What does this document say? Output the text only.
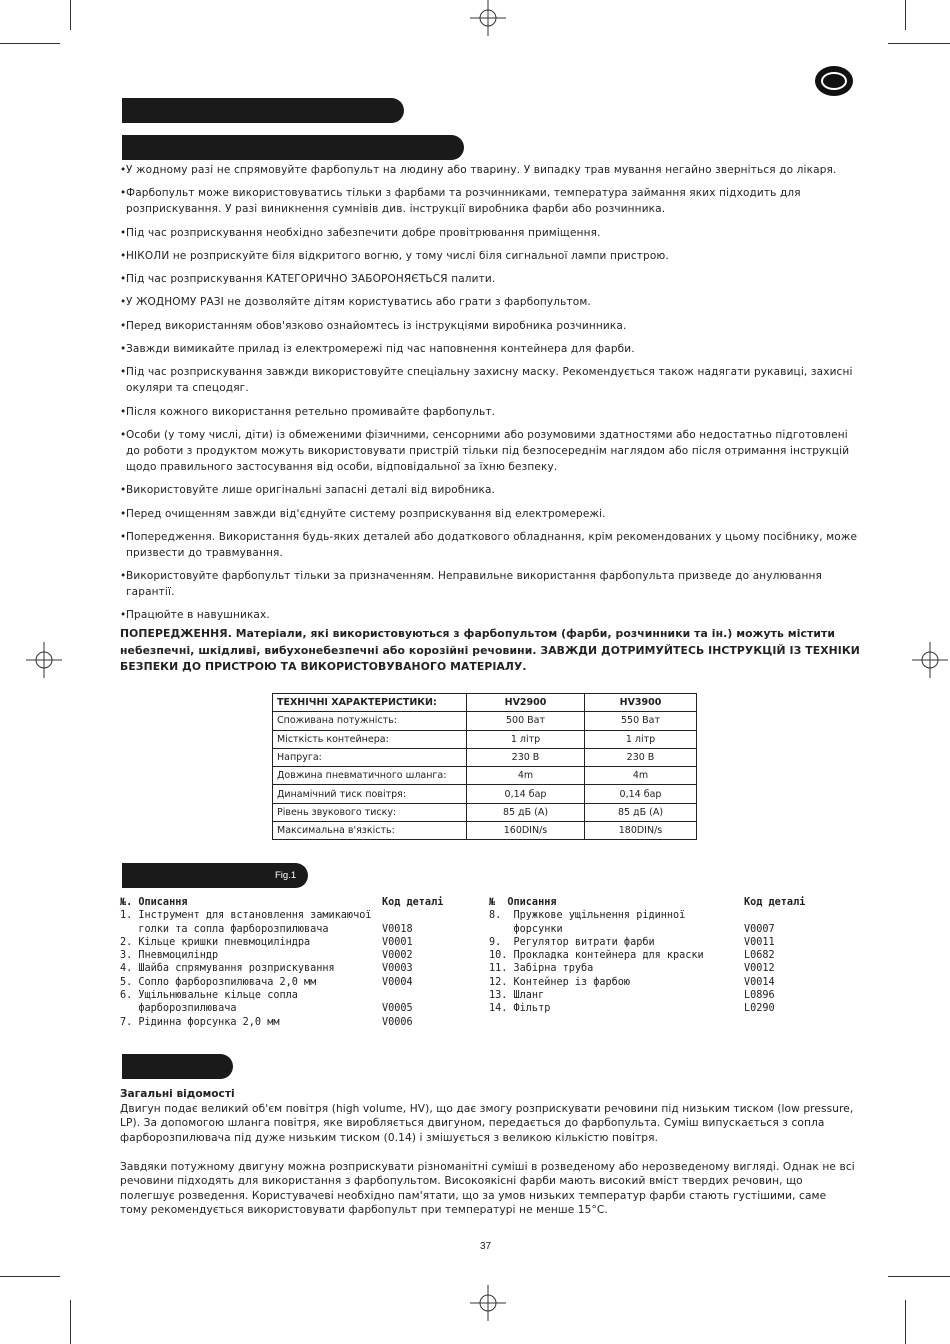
•У жодному разі не спрямовуйте фарбопульт на людину або тварину. У випадку трав мування негайно зверніться до лікаря.
•Фарбопульт може використовуватись тільки з фарбами та розчинниками, температура займання яких підходить для розприскування. У разі виникнення сумнівів див. інструкції виробника фарби або розчинника.
•Під час розприскування необхідно забезпечити добре провітрювання приміщення.
•НІКОЛИ не розприскуйте біля відкритого вогню, у тому числі біля сигнальної лампи пристрою.
•Під час розприскування КАТЕГОРИЧНО ЗАБОРОНЯЄТЬСЯ палити.
•У ЖОДНОМУ РАЗІ не дозволяйте дітям користуватись або грати з фарбопультом.
•Перед використанням обов'язково ознайомтесь із інструкціями виробника розчинника.
•Завжди вимикайте прилад із електромережі під час наповнення контейнера для фарби.
•Під час розприскування завжди використовуйте спеціальну захисну маску. Рекомендується також надягати рукавиці, захисні окуляри та спецодяг.
•Після кожного використання ретельно промивайте фарбопульт.
•Особи (у тому числі, діти) із обмеженими фізичними, сенсорними або розумовими здатностями або недостатньо підготовлені до роботи з продуктом можуть використовувати пристрій тільки під безпосереднім наглядом або після отримання інструкцій щодо правильного застосування від особи, відповідальної за їхню безпеку.
•Використовуйте лише оригінальні запасні деталі від виробника.
•Перед очищенням завжди від'єднуйте систему розприскування від електромережі.
•Попередження. Використання будь-яких деталей або додаткового обладнання, крім рекомендованих у цьому посібнику, може призвести до травмування.
•Використовуйте фарбопульт тільки за призначенням. Неправильне використання фарбопульта призведе до анулювання гарантії.
•Працюйте в навушниках.
ПОПЕРЕДЖЕННЯ. Матеріали, які використовуються з фарбопультом (фарби, розчинники та ін.) можуть містити небезпечні, шкідливі, вибухонебезпечні або корозійні речовини. ЗАВЖДИ ДОТРИМУЙТЕСЬ ІНСТРУКЦІЙ ІЗ ТЕХНІКИ БЕЗПЕКИ ДО ПРИСТРОЮ ТА ВИКОРИСТОВУВАНОГО МАТЕРІАЛУ.
ТЕХНІЧНІ ХАРАКТЕРИСТИКИ:	HV2900	HV3900
Споживана потужність:	500 Ват	550 Ват
Місткість контейнера:	1 літр	1 літр
Напруга:	230 В	230 В
Довжина пневматичного шланга:	4m	4m
Динамічний тиск повітря:	0,14 бар	0,14 бар
Рівень звукового тиску:	85 дБ (A)	85 дБ (A)
Максимальна в'язкість:	160DIN/s	180DIN/s
Fig.1
№. Описання	Код деталі
1. Інструмент для встановлення замикаючої
голки та сопла фарборозпилювача	V0018
2. Кільце кришки пневмоциліндра	V0001
3. Пневмоциліндр	V0002
4. Шайба спрямування розприскування	V0003
5. Сопло фарборозпилювача 2,0 мм	V0004
6. Ущільнювальне кільце сопла
фарборозпилювача	V0005
7. Рідинна форсунка 2,0 мм	V0006
№  Описання	Код деталі
8.  Пружкове ущільнення рідинної
форсунки	V0007
9.  Регулятор витрати фарби	V0011
10. Прокладка контейнера для краски	L0682
11. Забірна труба	V0012
12. Контейнер із фарбою	V0014
13. Шланг	L0896
14. Фільтр	L0290
Загальні відомості
Двигун подає великий об'єм повітря (high volume, HV), що дає змогу розприскувати речовини під низьким тиском (low pressure, LP). За допомогою шланга повітря, яке виробляється двигуном, передається до фарбопульта. Суміш випускається з сопла фарборозпилювача під дуже низьким тиском (0.14) і змішується з великою кількістю повітря.
Завдяки потужному двигуну можна розприскувати різноманітні суміші в розведеному або нерозведеному вигляді. Однак не всі речовини підходять для використання з фарбопультом. Високоякісні фарби мають високий вміст твердих речовин, що полегшує розведення. Користувачеві необхідно пам'ятати, що за умов низьких температур фарби стають густішими, саме тому рекомендується використовувати фарбопульт при температурі не менше 15°C.
37
